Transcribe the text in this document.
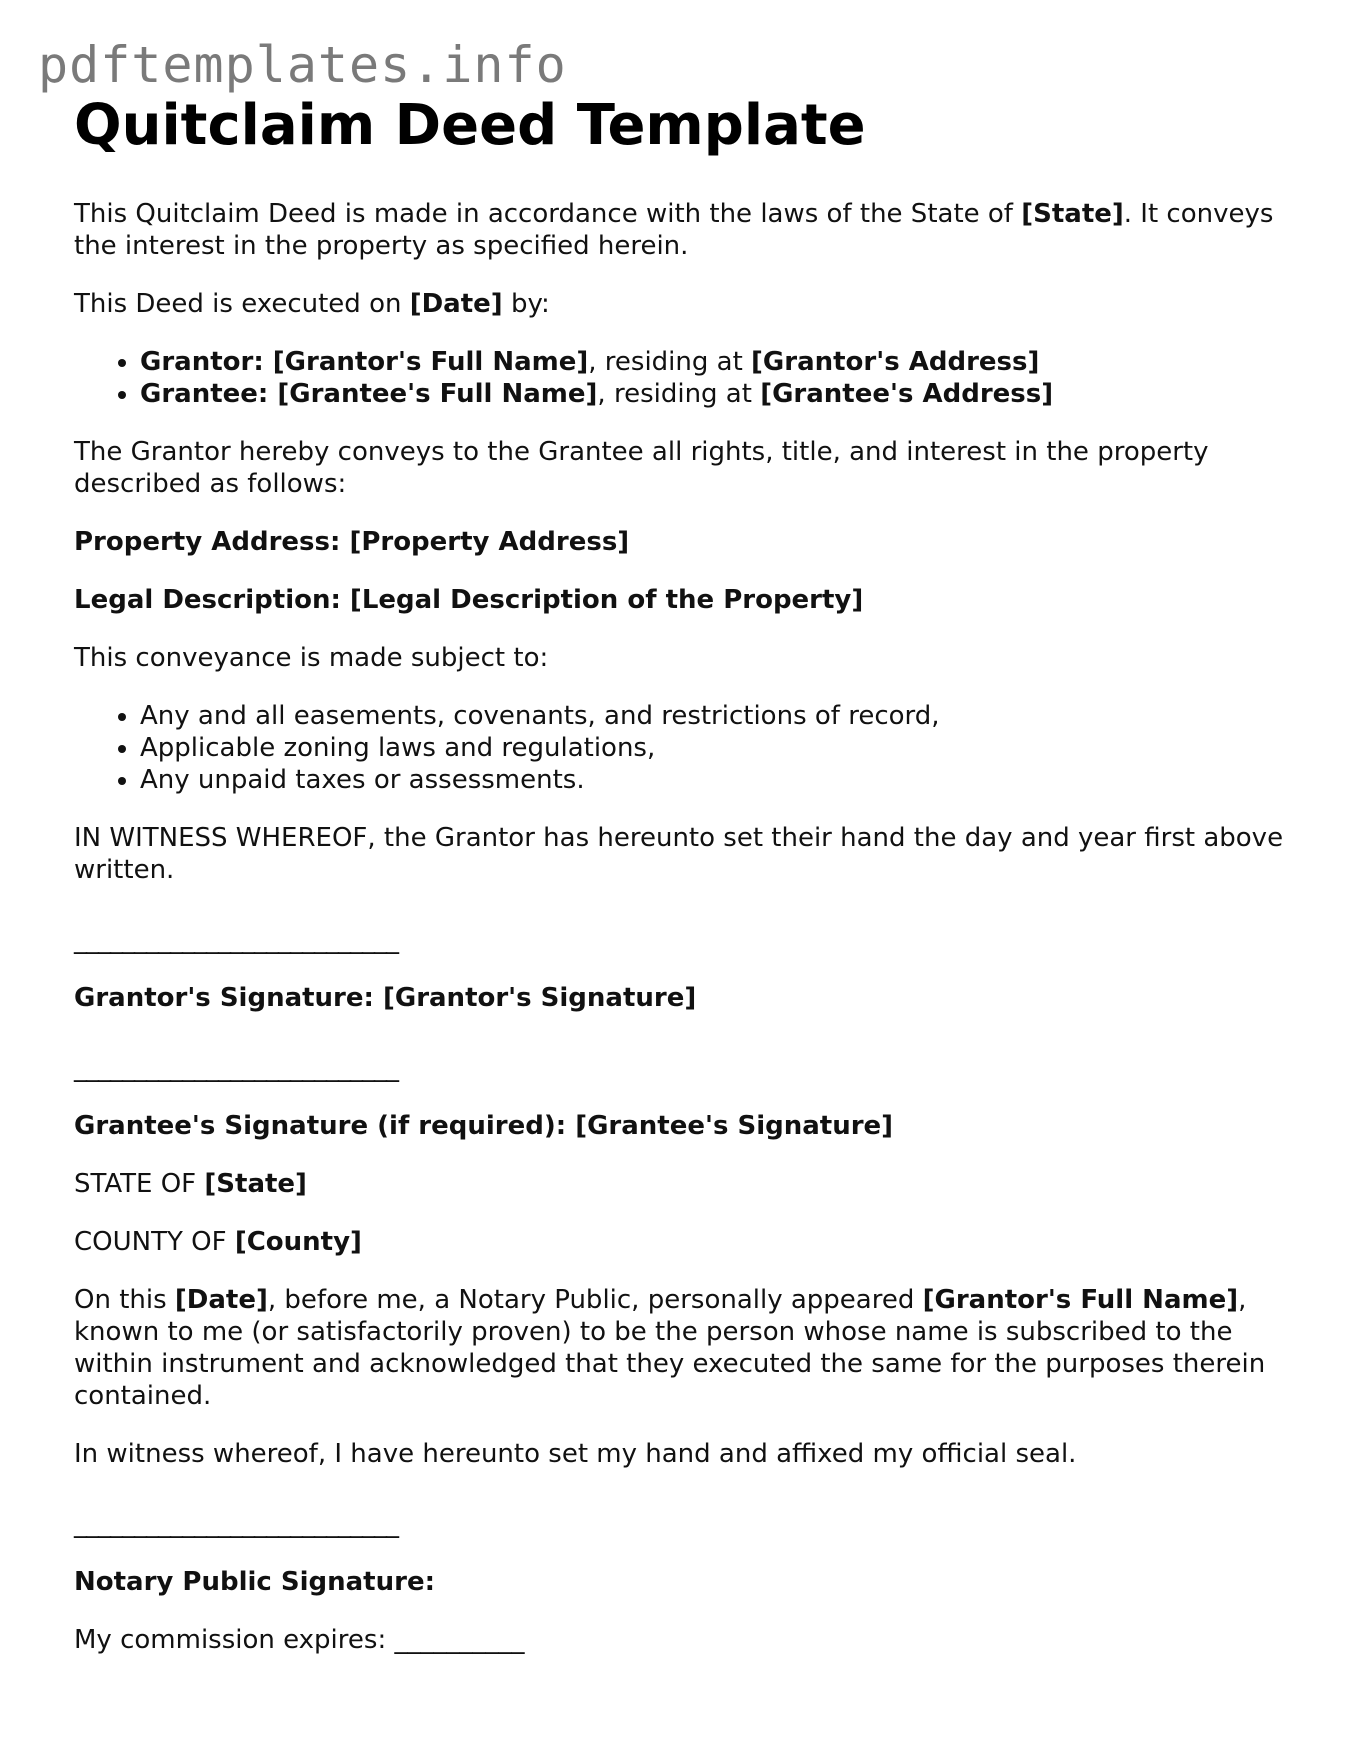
pdftemplates.info
Quitclaim Deed Template

This Quitclaim Deed is made in accordance with the laws of the State of [State]. It conveys the interest in the property as specified herein.

This Deed is executed on [Date] by:

• Grantor: [Grantor's Full Name], residing at [Grantor's Address]
• Grantee: [Grantee's Full Name], residing at [Grantee's Address]

The Grantor hereby conveys to the Grantee all rights, title, and interest in the property described as follows:

Property Address: [Property Address]

Legal Description: [Legal Description of the Property]

This conveyance is made subject to:

• Any and all easements, covenants, and restrictions of record,
• Applicable zoning laws and regulations,
• Any unpaid taxes or assessments.

IN WITNESS WHEREOF, the Grantor has hereunto set their hand the day and year first above written.

___________________________

Grantor's Signature: [Grantor's Signature]

___________________________

Grantee's Signature (if required): [Grantee's Signature]

STATE OF [State]

COUNTY OF [County]

On this [Date], before me, a Notary Public, personally appeared [Grantor's Full Name], known to me (or satisfactorily proven) to be the person whose name is subscribed to the within instrument and acknowledged that they executed the same for the purposes therein contained.

In witness whereof, I have hereunto set my hand and affixed my official seal.

___________________________

Notary Public Signature:

My commission expires: __________
